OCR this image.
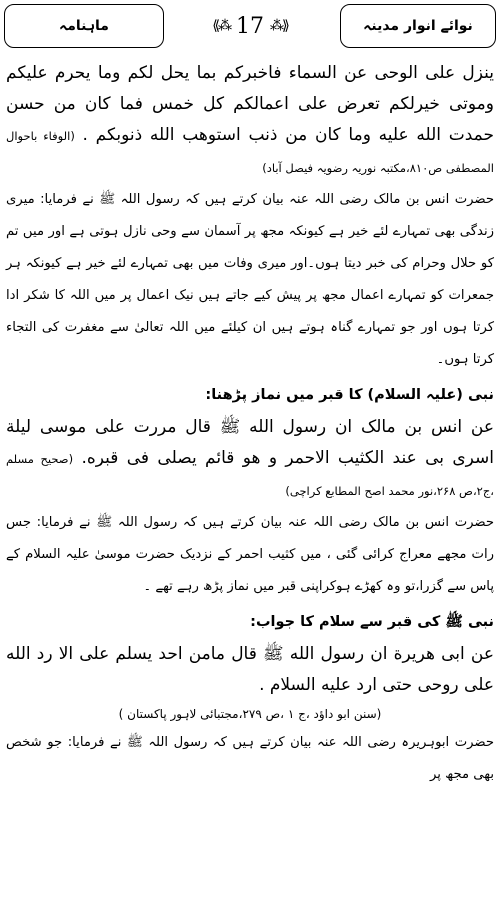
ماہنامہ	⟪⁂ 17 ⁂⟫	نوائے انوار مدینہ

ينزل على الوحى عن السماء فاخبركم بما يحل لكم وما يحرم عليكم وموتى خيرلكم تعرض على اعمالكم كل خمس فما كان من حسن حمدت الله عليه وما كان من ذنب استوهب الله ذنوبكم . (الوفاء باحوال المصطفى ص۸۱۰،مکتبہ نوریہ رضویہ فیصل آباد)

حضرت انس بن مالک رضی اللہ عنہ بیان کرتے ہیں کہ رسول اللہ ﷺ نے فرمایا: میری زندگی بھی تمہارے لئے خیر ہے کیونکہ مجھ پر آسمان سے وحی نازل ہوتی ہے اور میں تم کو حلال وحرام کی خبر دیتا ہوں۔اور میری وفات میں بھی تمہارے لئے خیر ہے کیونکہ ہر جمعرات کو تمہارے اعمال مجھ پر پیش کیے جاتے ہیں نیک اعمال پر میں اللہ کا شکر ادا کرتا ہوں اور جو تمہارے گناہ ہوتے ہیں ان کیلئے میں اللہ تعالیٰ سے مغفرت کی التجاء کرتا ہوں۔

نبی (علیہ السلام) کا قبر میں نماز پڑھنا:

عن انس بن مالک ان رسول الله ﷺ قال مررت على موسى ليلة اسرى بى عند الكثيب الاحمر و هو قائم يصلى فى قبره. (صحیح مسلم ،ج۲،ص ۲۶۸،نور محمد اصح المطابع کراچی)

حضرت انس بن مالک رضی اللہ عنہ بیان کرتے ہیں کہ رسول اللہ ﷺ نے فرمایا: جس رات مجھے معراج کرائی گئی ، میں کثیب احمر کے نزدیک حضرت موسیٰ علیہ السلام کے پاس سے گزرا،تو وہ کھڑے ہوکراپنی قبر میں نماز پڑھ رہے تھے ۔

نبی ﷺ کی قبر سے سلام کا جواب:

عن ابى هريرة ان رسول الله ﷺ قال مامن احد يسلم على الا رد الله على روحى حتى ارد عليه السلام .

(سنن ابو داؤد ،ج ۱ ،ص ۲۷۹،مجتبائی لاہور پاکستان )

حضرت ابوہریرہ رضی اللہ عنہ بیان کرتے ہیں کہ رسول اللہ ﷺ نے فرمایا: جو شخص بھی مجھ پر
